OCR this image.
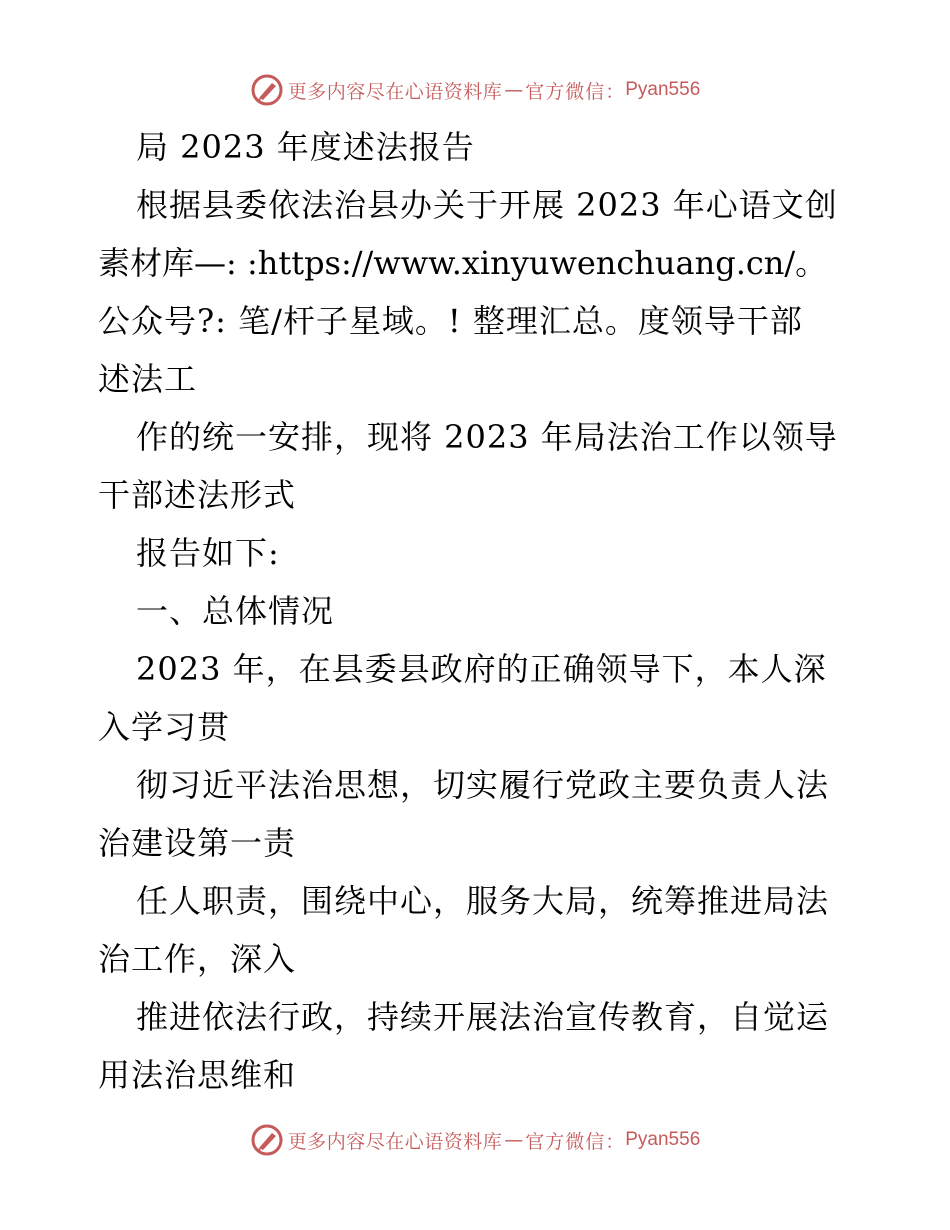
更多内容尽在心语资料库 — 官方微信： Pyan556
局 2023 年度述法报告
根据县委依法治县办关于开展 2023 年心语文创
素材库—: :https://www.xinyuwenchuang.cn/。
公众号?: 笔/杆子星域。! 整理汇总。度领导干部
述法工
作的统一安排，现将 2023 年局法治工作以领导
干部述法形式
报告如下:
一、总体情况
2023 年，在县委县政府的正确领导下，本人深
入学习贯
彻习近平法治思想，切实履行党政主要负责人法
治建设第一责
任人职责，围绕中心，服务大局，统筹推进局法
治工作，深入
推进依法行政，持续开展法治宣传教育，自觉运
用法治思维和
更多内容尽在心语资料库 — 官方微信： Pyan556
